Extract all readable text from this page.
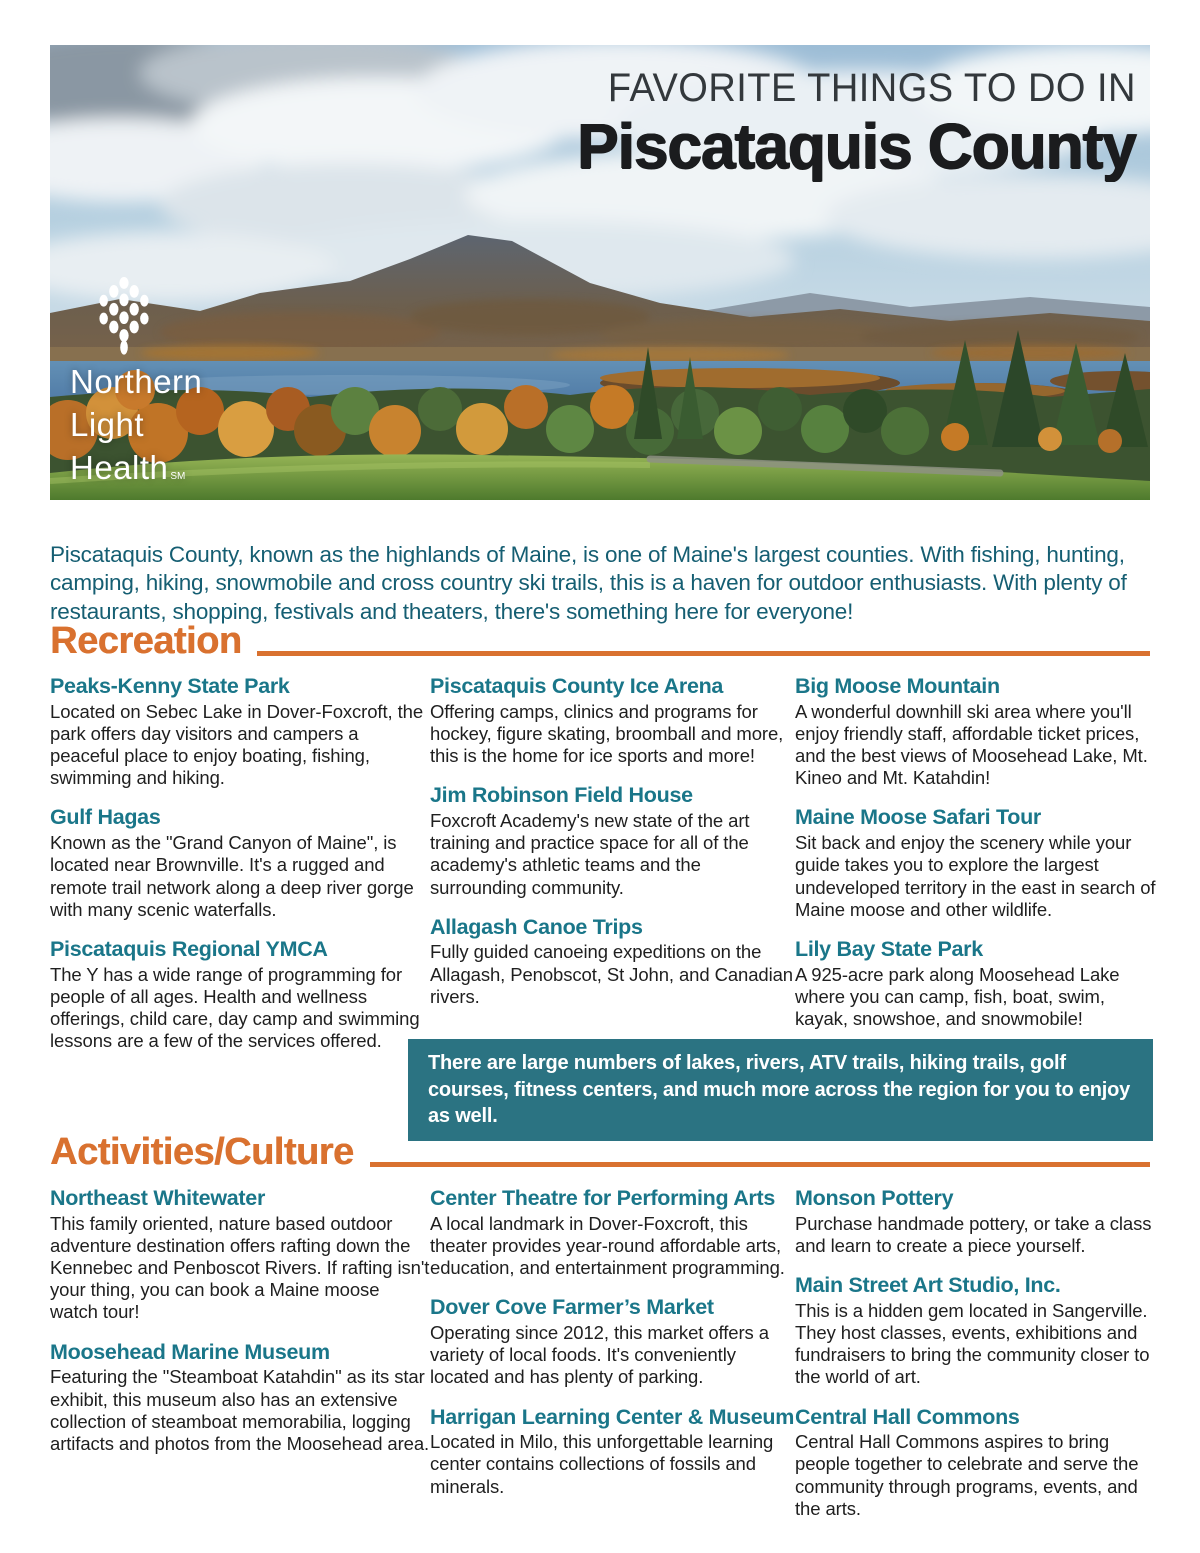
FAVORITE THINGS TO DO IN
Piscataquis County
Northern
Light
Health SM

Piscataquis County, known as the highlands of Maine, is one of Maine's largest counties. With fishing, hunting, camping, hiking, snowmobile and cross country ski trails, this is a haven for outdoor enthusiasts. With plenty of restaurants, shopping, festivals and theaters, there's something here for everyone!

Recreation
Peaks-Kenny State Park

Located on Sebec Lake in Dover-Foxcroft, the park offers day visitors and campers a peaceful place to enjoy boating, fishing, swimming and hiking.

Gulf Hagas

Known as the "Grand Canyon of Maine", is located near Brownville. It's a rugged and remote trail network along a deep river gorge with many scenic waterfalls.

Piscataquis Regional YMCA

The Y has a wide range of programming for people of all ages. Health and wellness offerings, child care, day camp and swimming lessons are a few of the services offered.

Piscataquis County Ice Arena

Offering camps, clinics and programs for hockey, figure skating, broomball and more, this is the home for ice sports and more!

Jim Robinson Field House

Foxcroft Academy's new state of the art training and practice space for all of the academy's athletic teams and the surrounding community.

Allagash Canoe Trips

Fully guided canoeing expeditions on the Allagash, Penobscot, St John, and Canadian rivers.

Big Moose Mountain

A wonderful downhill ski area where you'll enjoy friendly staff, affordable ticket prices, and the best views of Moosehead Lake, Mt. Kineo and Mt. Katahdin!

Maine Moose Safari Tour

Sit back and enjoy the scenery while your guide takes you to explore the largest undeveloped territory in the east in search of Maine moose and other wildlife.

Lily Bay State Park

A 925-acre park along Moosehead Lake where you can camp, fish, boat, swim, kayak, snowshoe, and snowmobile!

There are large numbers of lakes, rivers, ATV trails, hiking trails, golf courses, fitness centers, and much more across the region for you to enjoy as well.
Activities/Culture
Northeast Whitewater

This family oriented, nature based outdoor adventure destination offers rafting down the Kennebec and Penboscot Rivers. If rafting isn't your thing, you can book a Maine moose watch tour!

Moosehead Marine Museum

Featuring the "Steamboat Katahdin" as its star exhibit, this museum also has an extensive collection of steamboat memorabilia, logging artifacts and photos from the Moosehead area.

Center Theatre for Performing Arts

A local landmark in Dover-Foxcroft, this theater provides year-round affordable arts, education, and entertainment programming.

Dover Cove Farmer’s Market

Operating since 2012, this market offers a variety of local foods. It's conveniently located and has plenty of parking.

Harrigan Learning Center & Museum

Located in Milo, this unforgettable learning center contains collections of fossils and minerals.

Monson Pottery

Purchase handmade pottery, or take a class and learn to create a piece yourself.

Main Street Art Studio, Inc.

This is a hidden gem located in Sangerville. They host classes, events, exhibitions and fundraisers to bring the community closer to the world of art.

Central Hall Commons

Central Hall Commons aspires to bring people together to celebrate and serve the community through programs, events, and the arts.
